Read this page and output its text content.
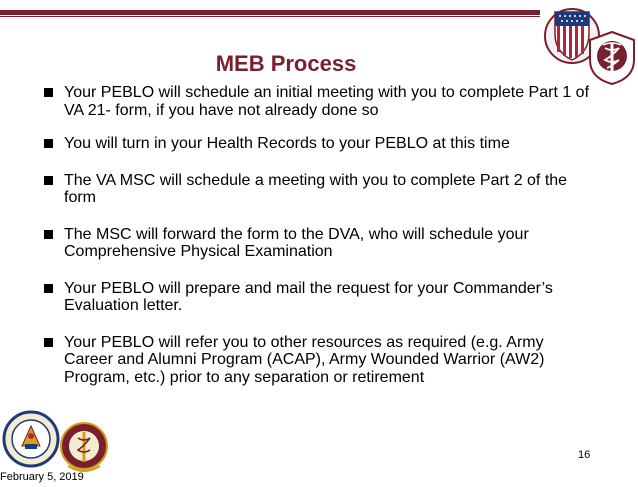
MEB Process
Your PEBLO will schedule an initial meeting with you to complete Part 1 of VA 21- form, if you have not already done so
You will turn in your Health Records to your PEBLO at this time
The VA MSC will schedule a meeting with you to complete Part 2 of the form
The MSC will forward the form to the DVA, who will schedule your Comprehensive Physical Examination
Your PEBLO will prepare and mail the request for your Commander’s Evaluation letter.
Your PEBLO will refer you to other resources as required (e.g. Army Career and Alumni Program (ACAP), Army Wounded Warrior (AW2) Program, etc.) prior to any separation or retirement
16
February 5, 2019
